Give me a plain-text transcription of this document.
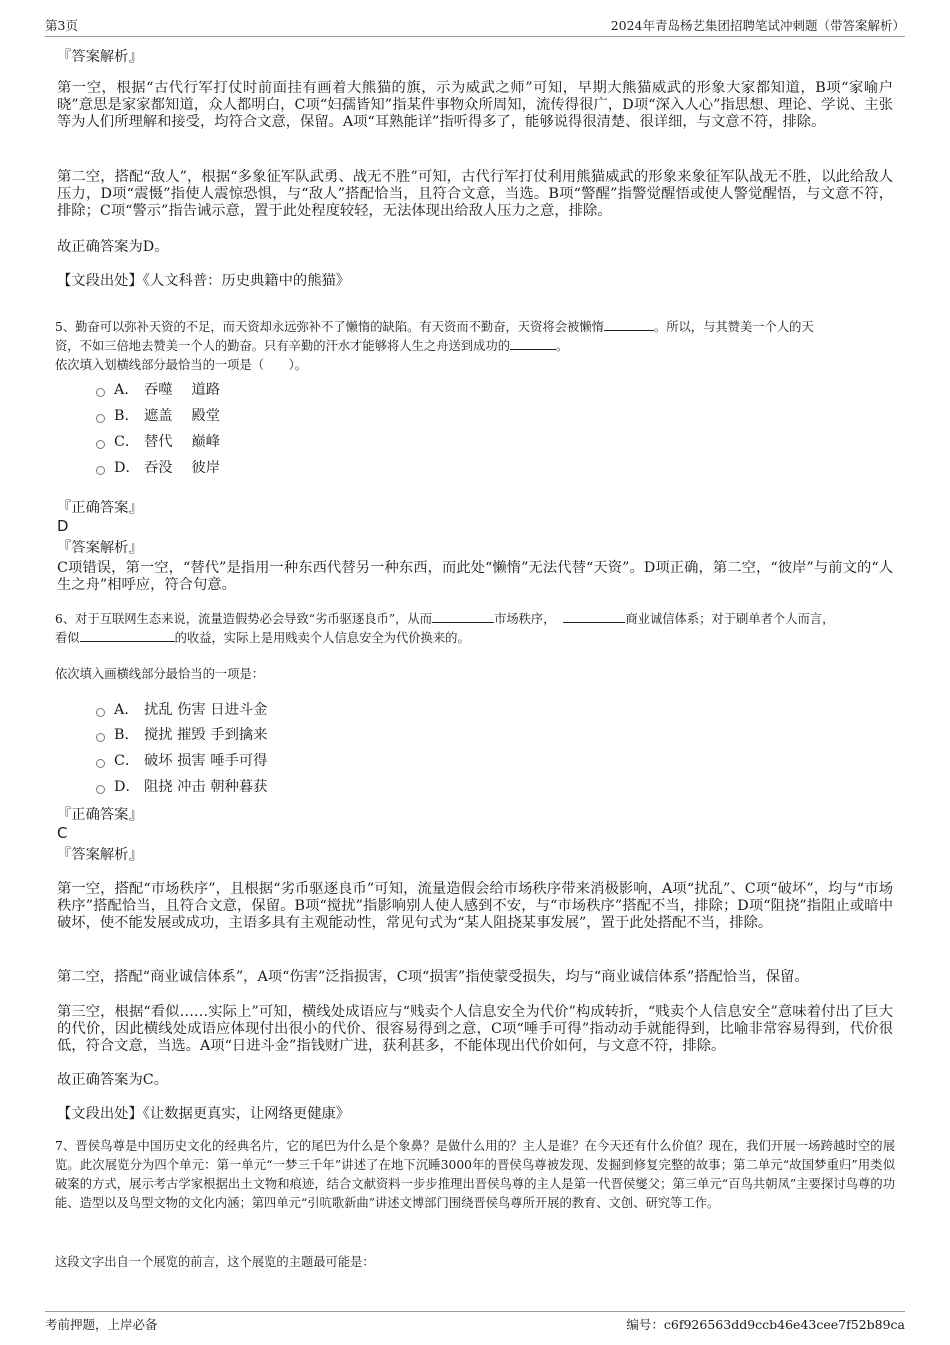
第3页	2024年青岛杨艺集团招聘笔试冲刺题（带答案解析）
『答案解析』
第一空，根据“古代行军打仗时前面挂有画着大熊猫的旗，示为威武之师”可知，早期大熊猫威武的形象大家都知道，B项“家喻户晓”意思是家家都知道，众人都明白，C项“妇孺皆知”指某件事物众所周知，流传得很广，D项“深入人心”指思想、理论、学说、主张等为人们所理解和接受，均符合文意，保留。A项“耳熟能详”指听得多了，能够说得很清楚、很详细，与文意不符，排除。
第二空，搭配“敌人”，根据“多象征军队武勇、战无不胜”可知，古代行军打仗利用熊猫威武的形象来象征军队战无不胜，以此给敌人压力，D项“震慑”指使人震惊恐惧，与“敌人”搭配恰当，且符合文意，当选。B项“警醒”指警觉醒悟或使人警觉醒悟，与文意不符，排除；C项“警示”指告诫示意，置于此处程度较轻，无法体现出给敌人压力之意，排除。
故正确答案为D。
【文段出处】《人文科普：历史典籍中的熊猫》
5、勤奋可以弥补天资的不足，而天资却永远弥补不了懒惰的缺陷。有天资而不勤奋，天资将会被懒惰	。所以，与其赞美一个人的天
资，不如三倍地去赞美一个人的勤奋。只有辛勤的汗水才能够将人生之舟送到成功的	。
依次填入划横线部分最恰当的一项是（　　）。
A． 吞噬　 道路
B． 遮盖　 殿堂
C． 替代　 巅峰
D． 吞没　 彼岸
『正确答案』
D
『答案解析』
C项错误，第一空，“替代”是指用一种东西代替另一种东西，而此处“懒惰”无法代替“天资”。D项正确，第二空，“彼岸”与前文的“人生之舟”相呼应，符合句意。
6、对于互联网生态来说，流量造假势必会导致“劣币驱逐良币”，从而	市场秩序，	商业诚信体系；对于刷单者个人而言，
看似	的收益，实际上是用贱卖个人信息安全为代价换来的。
依次填入画横线部分最恰当的一项是：
A． 扰乱 伤害 日进斗金
B． 搅扰 摧毁 手到擒来
C． 破坏 损害 唾手可得
D． 阻挠 冲击 朝种暮获
『正确答案』
C
『答案解析』
第一空，搭配“市场秩序”，且根据“劣币驱逐良币”可知，流量造假会给市场秩序带来消极影响，A项“扰乱”、C项“破坏”，均与“市场秩序”搭配恰当，且符合文意，保留。B项“搅扰”指影响别人使人感到不安，与“市场秩序”搭配不当，排除；D项“阻挠”指阻止或暗中破坏，使不能发展或成功，主语多具有主观能动性，常见句式为“某人阻挠某事发展”，置于此处搭配不当，排除。
第二空，搭配“商业诚信体系”，A项“伤害”泛指损害，C项“损害”指使蒙受损失，均与“商业诚信体系”搭配恰当，保留。
第三空，根据“看似……实际上”可知，横线处成语应与“贱卖个人信息安全为代价”构成转折，“贱卖个人信息安全”意味着付出了巨大的代价，因此横线处成语应体现付出很小的代价、很容易得到之意，C项“唾手可得”指动动手就能得到，比喻非常容易得到，代价很低，符合文意，当选。A项“日进斗金”指钱财广进，获利甚多，不能体现出代价如何，与文意不符，排除。
故正确答案为C。
【文段出处】《让数据更真实，让网络更健康》
7、晋侯鸟尊是中国历史文化的经典名片，它的尾巴为什么是个象鼻？是做什么用的？主人是谁？在今天还有什么价值？现在，我们开展一场跨越时空的展览。此次展览分为四个单元：第一单元“一梦三千年”讲述了在地下沉睡3000年的晋侯鸟尊被发现、发掘到修复完整的故事；第二单元“故国梦重归”用类似破案的方式，展示考古学家根据出土文物和痕迹，结合文献资料一步步推理出晋侯鸟尊的主人是第一代晋侯燮父；第三单元“百鸟共朝凤”主要探讨鸟尊的功能、造型以及鸟型文物的文化内涵；第四单元“引吭歌新曲”讲述文博部门围绕晋侯鸟尊所开展的教育、文创、研究等工作。
这段文字出自一个展览的前言，这个展览的主题最可能是：
考前押题，上岸必备	编号：c6f926563dd9ccb46e43cee7f52b89ca
